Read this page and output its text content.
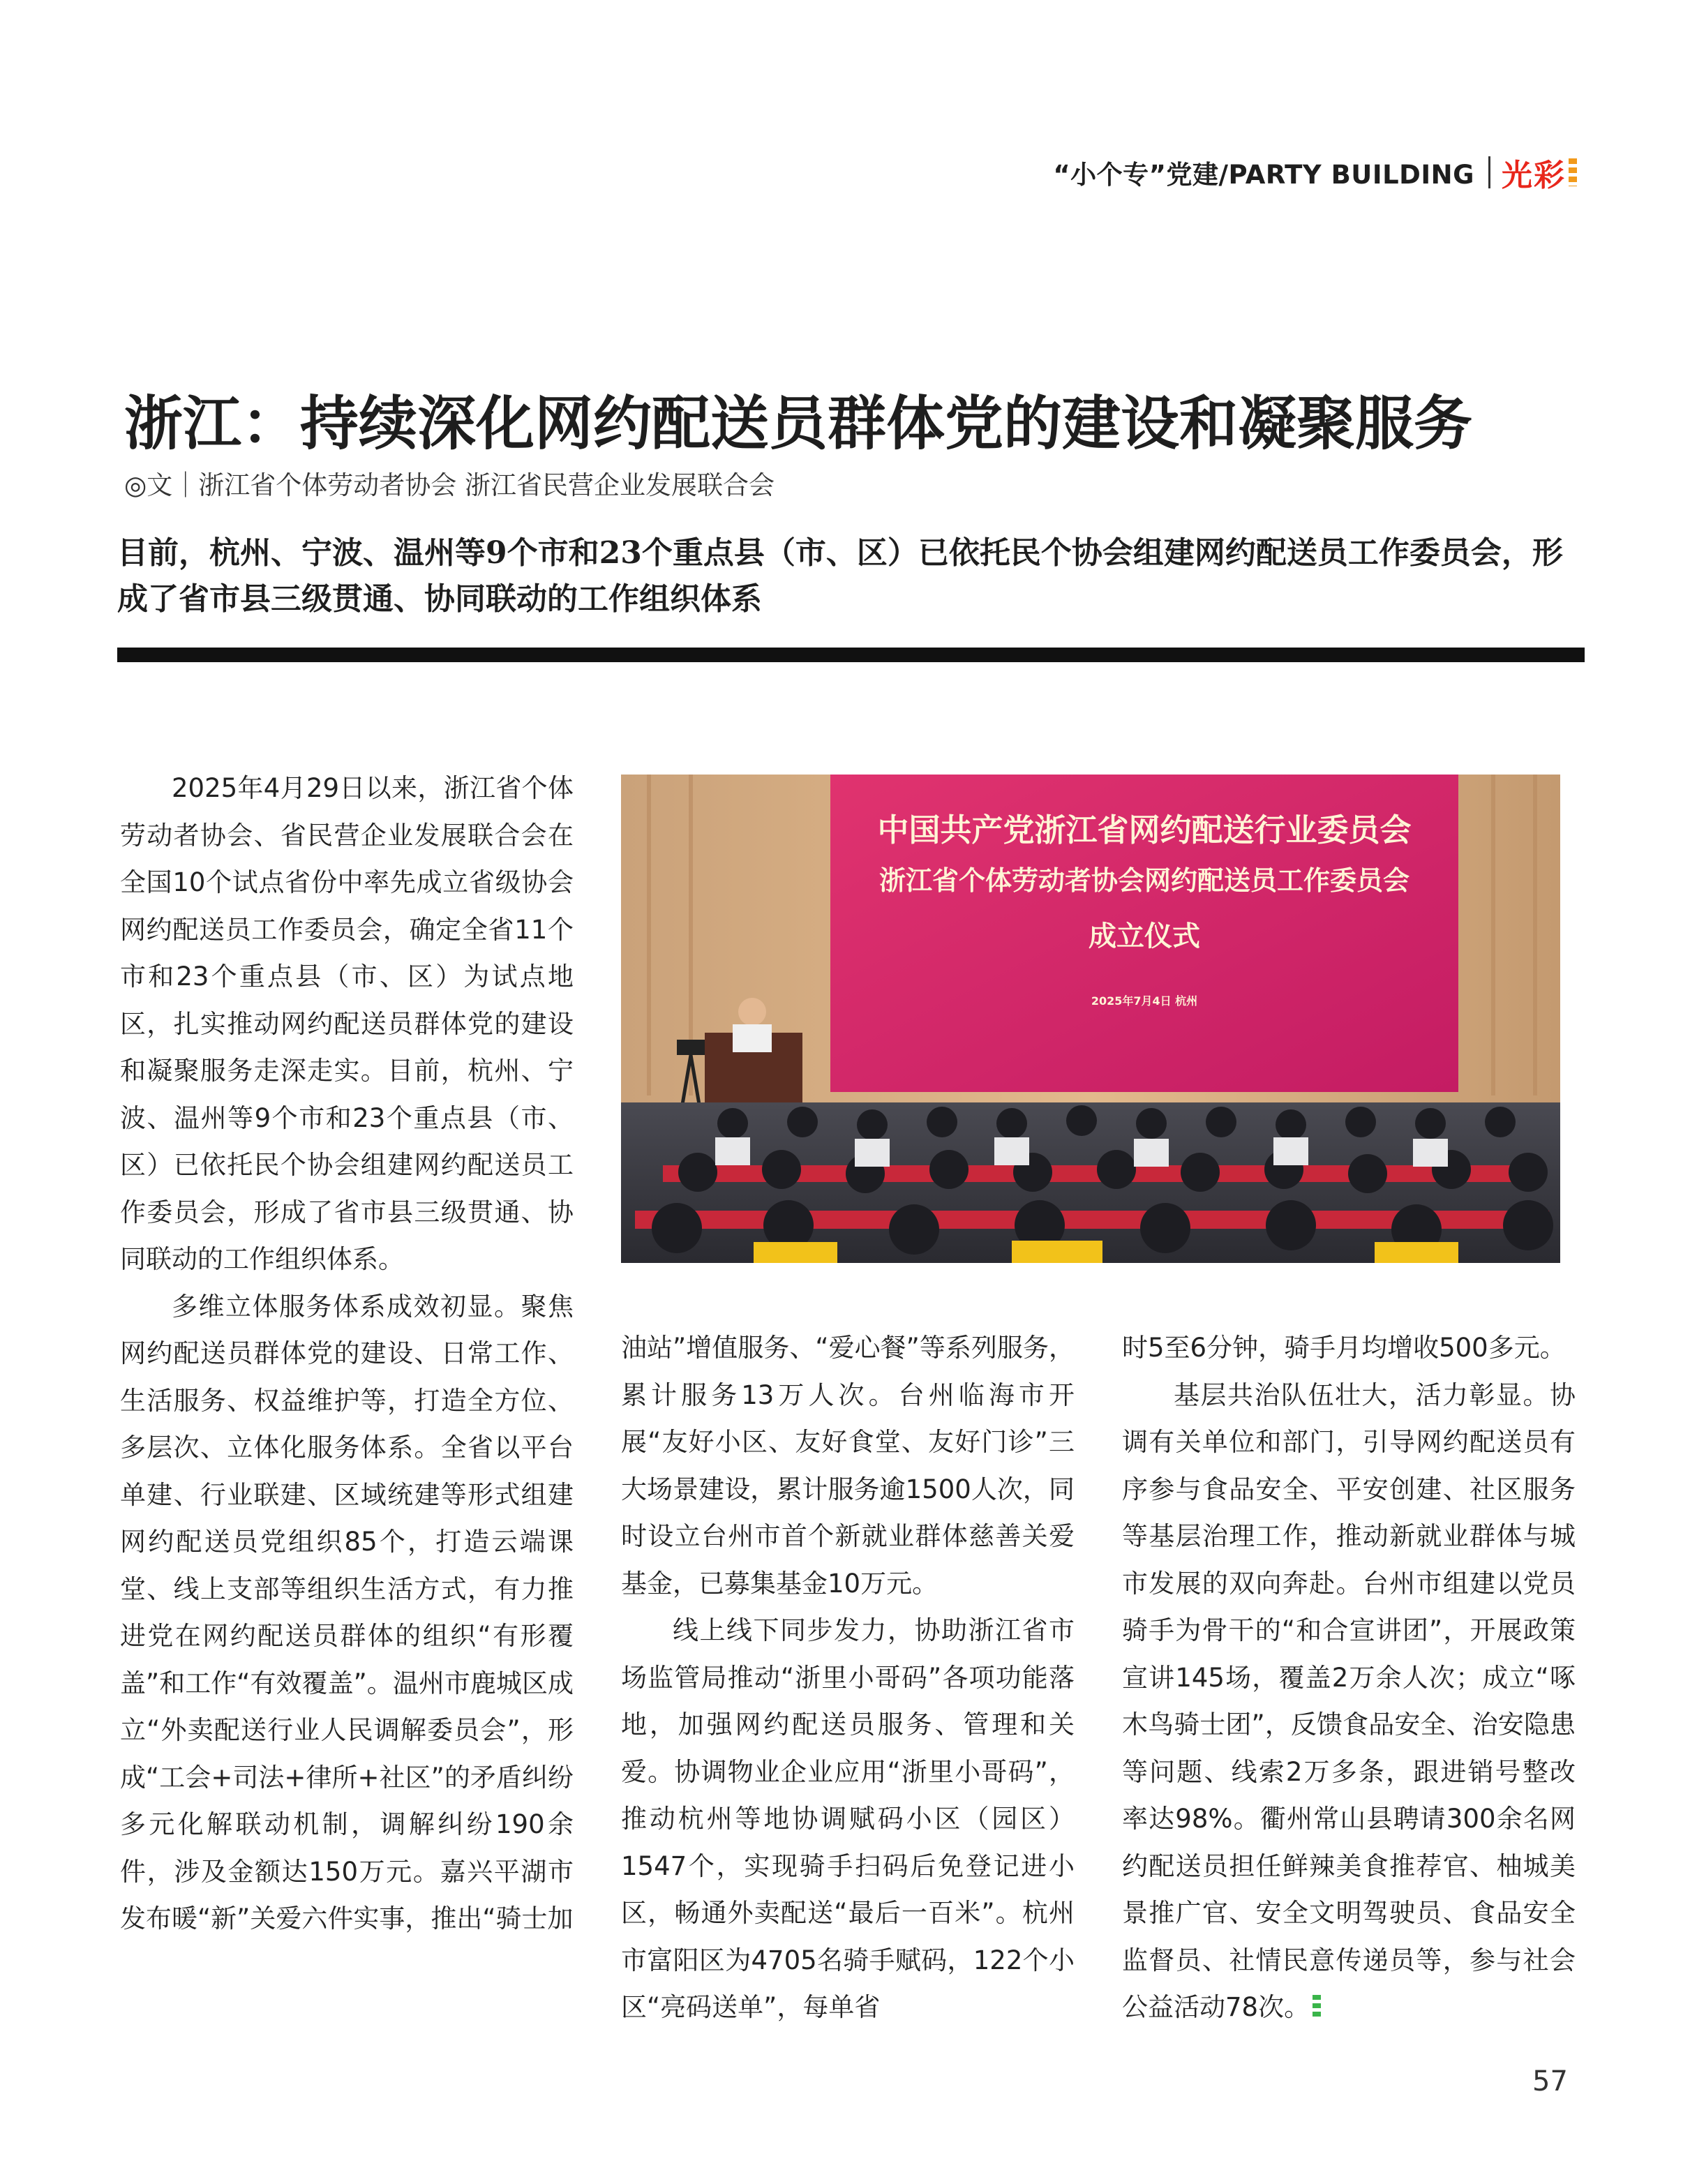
“小个专”党建/PARTY BUILDING 光彩
浙江：持续深化网约配送员群体党的建设和凝聚服务
◎文｜浙江省个体劳动者协会 浙江省民营企业发展联合会
目前，杭州、宁波、温州等9个市和23个重点县（市、区）已依托民个协会组建网约配送员工作委员会，形成了省市县三级贯通、协同联动的工作组织体系

2025年4月29日以来，浙江省个体劳动者协会、省民营企业发展联合会在全国10个试点省份中率先成立省级协会网约配送员工作委员会，确定全省11个市和23个重点县（市、区）为试点地区，扎实推动网约配送员群体党的建设和凝聚服务走深走实。目前，杭州、宁波、温州等9个市和23个重点县（市、区）已依托民个协会组建网约配送员工作委员会，形成了省市县三级贯通、协同联动的工作组织体系。

多维立体服务体系成效初显。聚焦网约配送员群体党的建设、日常工作、生活服务、权益维护等，打造全方位、多层次、立体化服务体系。全省以平台单建、行业联建、区域统建等形式组建网约配送员党组织85个，打造云端课堂、线上支部等组织生活方式，有力推进党在网约配送员群体的组织“有形覆盖”和工作“有效覆盖”。温州市鹿城区成立“外卖配送行业人民调解委员会”，形成“工会+司法+律所+社区”的矛盾纠纷多元化解联动机制，调解纠纷190余件，涉及金额达150万元。嘉兴平湖市发布暖“新”关爱六件实事，推出“骑士加

中国共产党浙江省网约配送行业委员会
浙江省个体劳动者协会网约配送员工作委员会
成立仪式
2025年7月4日 杭州

油站”增值服务、“爱心餐”等系列服务，累计服务13万人次。台州临海市开展“友好小区、友好食堂、友好门诊”三大场景建设，累计服务逾1500人次，同时设立台州市首个新就业群体慈善关爱基金，已募集基金10万元。

线上线下同步发力，协助浙江省市场监管局推动“浙里小哥码”各项功能落地，加强网约配送员服务、管理和关爱。协调物业企业应用“浙里小哥码”，推动杭州等地协调赋码小区（园区）1547个，实现骑手扫码后免登记进小区，畅通外卖配送“最后一百米”。杭州市富阳区为4705名骑手赋码，122个小区“亮码送单”，每单省

时5至6分钟，骑手月均增收500多元。

基层共治队伍壮大，活力彰显。协调有关单位和部门，引导网约配送员有序参与食品安全、平安创建、社区服务等基层治理工作，推动新就业群体与城市发展的双向奔赴。台州市组建以党员骑手为骨干的“和合宣讲团”，开展政策宣讲145场，覆盖2万余人次；成立“啄木鸟骑士团”，反馈食品安全、治安隐患等问题、线索2万多条，跟进销号整改率达98%。衢州常山县聘请300余名网约配送员担任鲜辣美食推荐官、柚城美景推广官、安全文明驾驶员、食品安全监督员、社情民意传递员等，参与社会公益活动78次。

57
